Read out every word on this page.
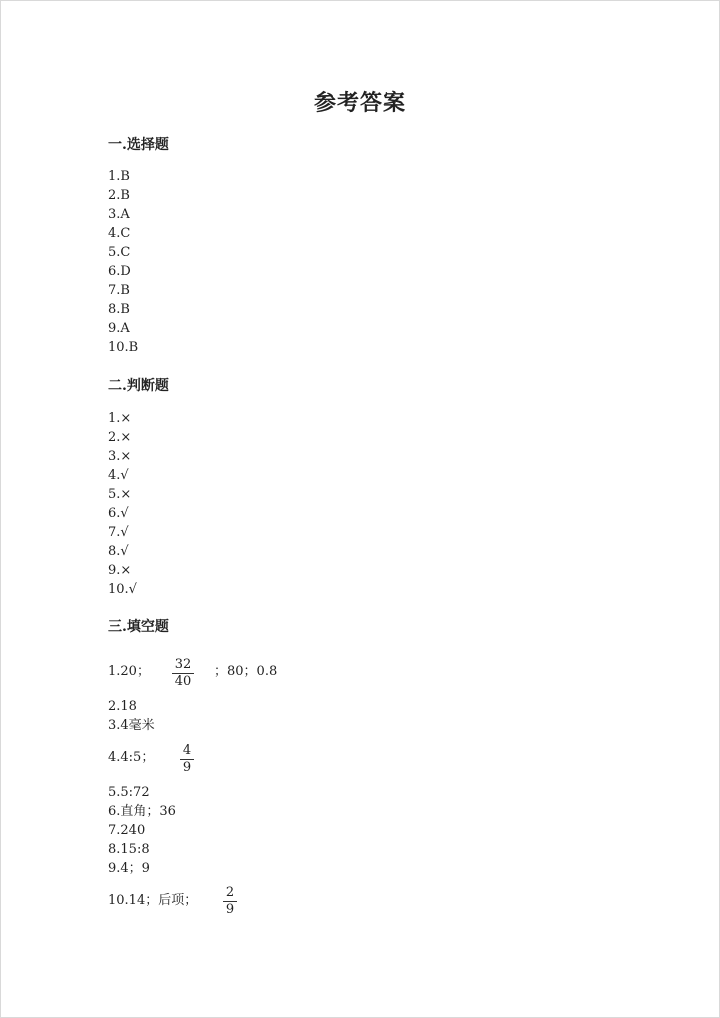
参考答案
一.选择题
1.B
2.B
3.A
4.C
5.C
6.D
7.B
8.B
9.A
10.B
二.判断题
1.×
2.×
3.×
4.√
5.×
6.√
7.√
8.√
9.×
10.√
三.填空题
1.20； 32
40
；80；0.8
2.18
3.4毫米
4.4:5； 4
9
5.5:72
6.直角；36
7.240
8.15:8
9.4；9
10.14；后项；
2
9
